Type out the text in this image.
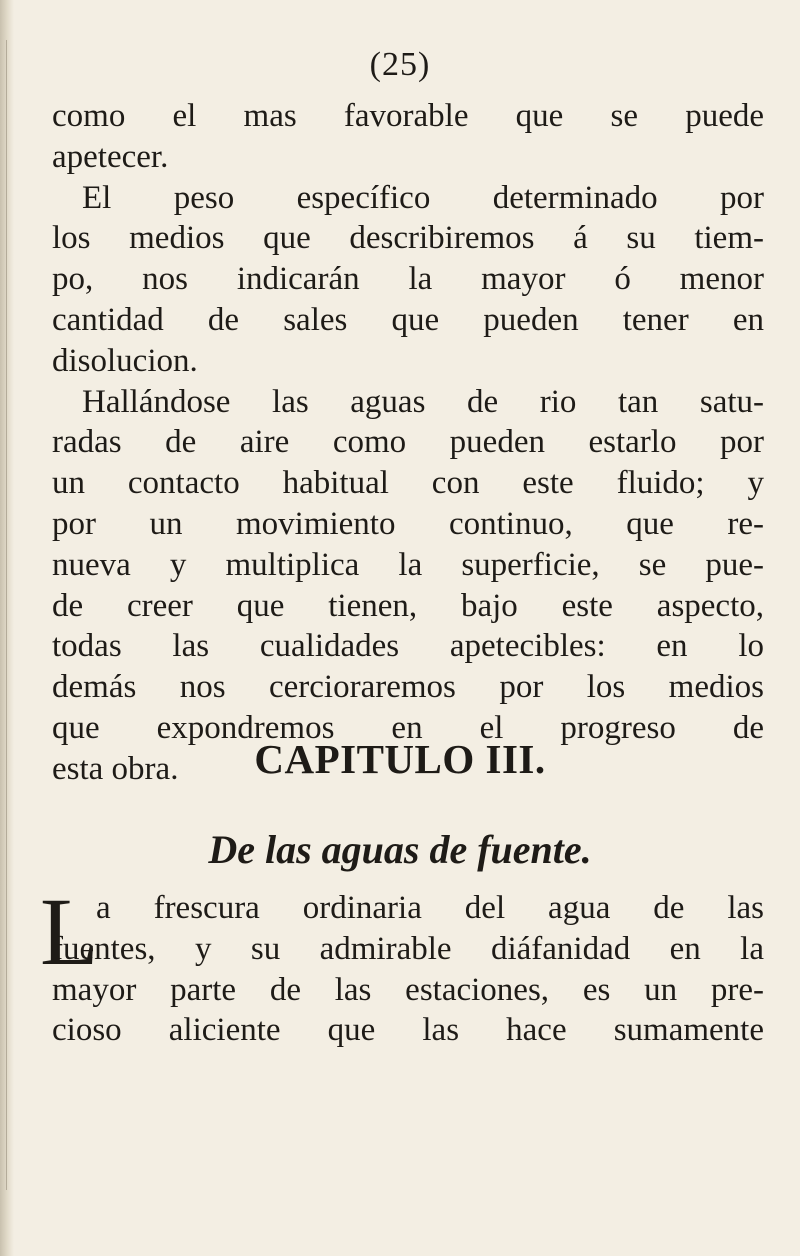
(25)

como el mas favorable que se puede
apetecer.
El peso específico determinado por
los medios que describiremos á su tiem-
po, nos indicarán la mayor ó menor
cantidad de sales que pueden tener en
disolucion.
Hallándose las aguas de rio tan satu-
radas de aire como pueden estarlo por
un contacto habitual con este fluido; y
por un movimiento continuo, que re-
nueva y multiplica la superficie, se pue-
de creer que tienen, bajo este aspecto,
todas las cualidades apetecibles: en lo
demás nos cercioraremos por los medios
que expondremos en el progreso de
esta obra.	CAPITULO III.
De las aguas de fuente.
L
a frescura ordinaria del agua de las
fuentes, y su admirable diáfanidad en la
mayor parte de las estaciones, es un pre-
cioso aliciente que las hace sumamente
